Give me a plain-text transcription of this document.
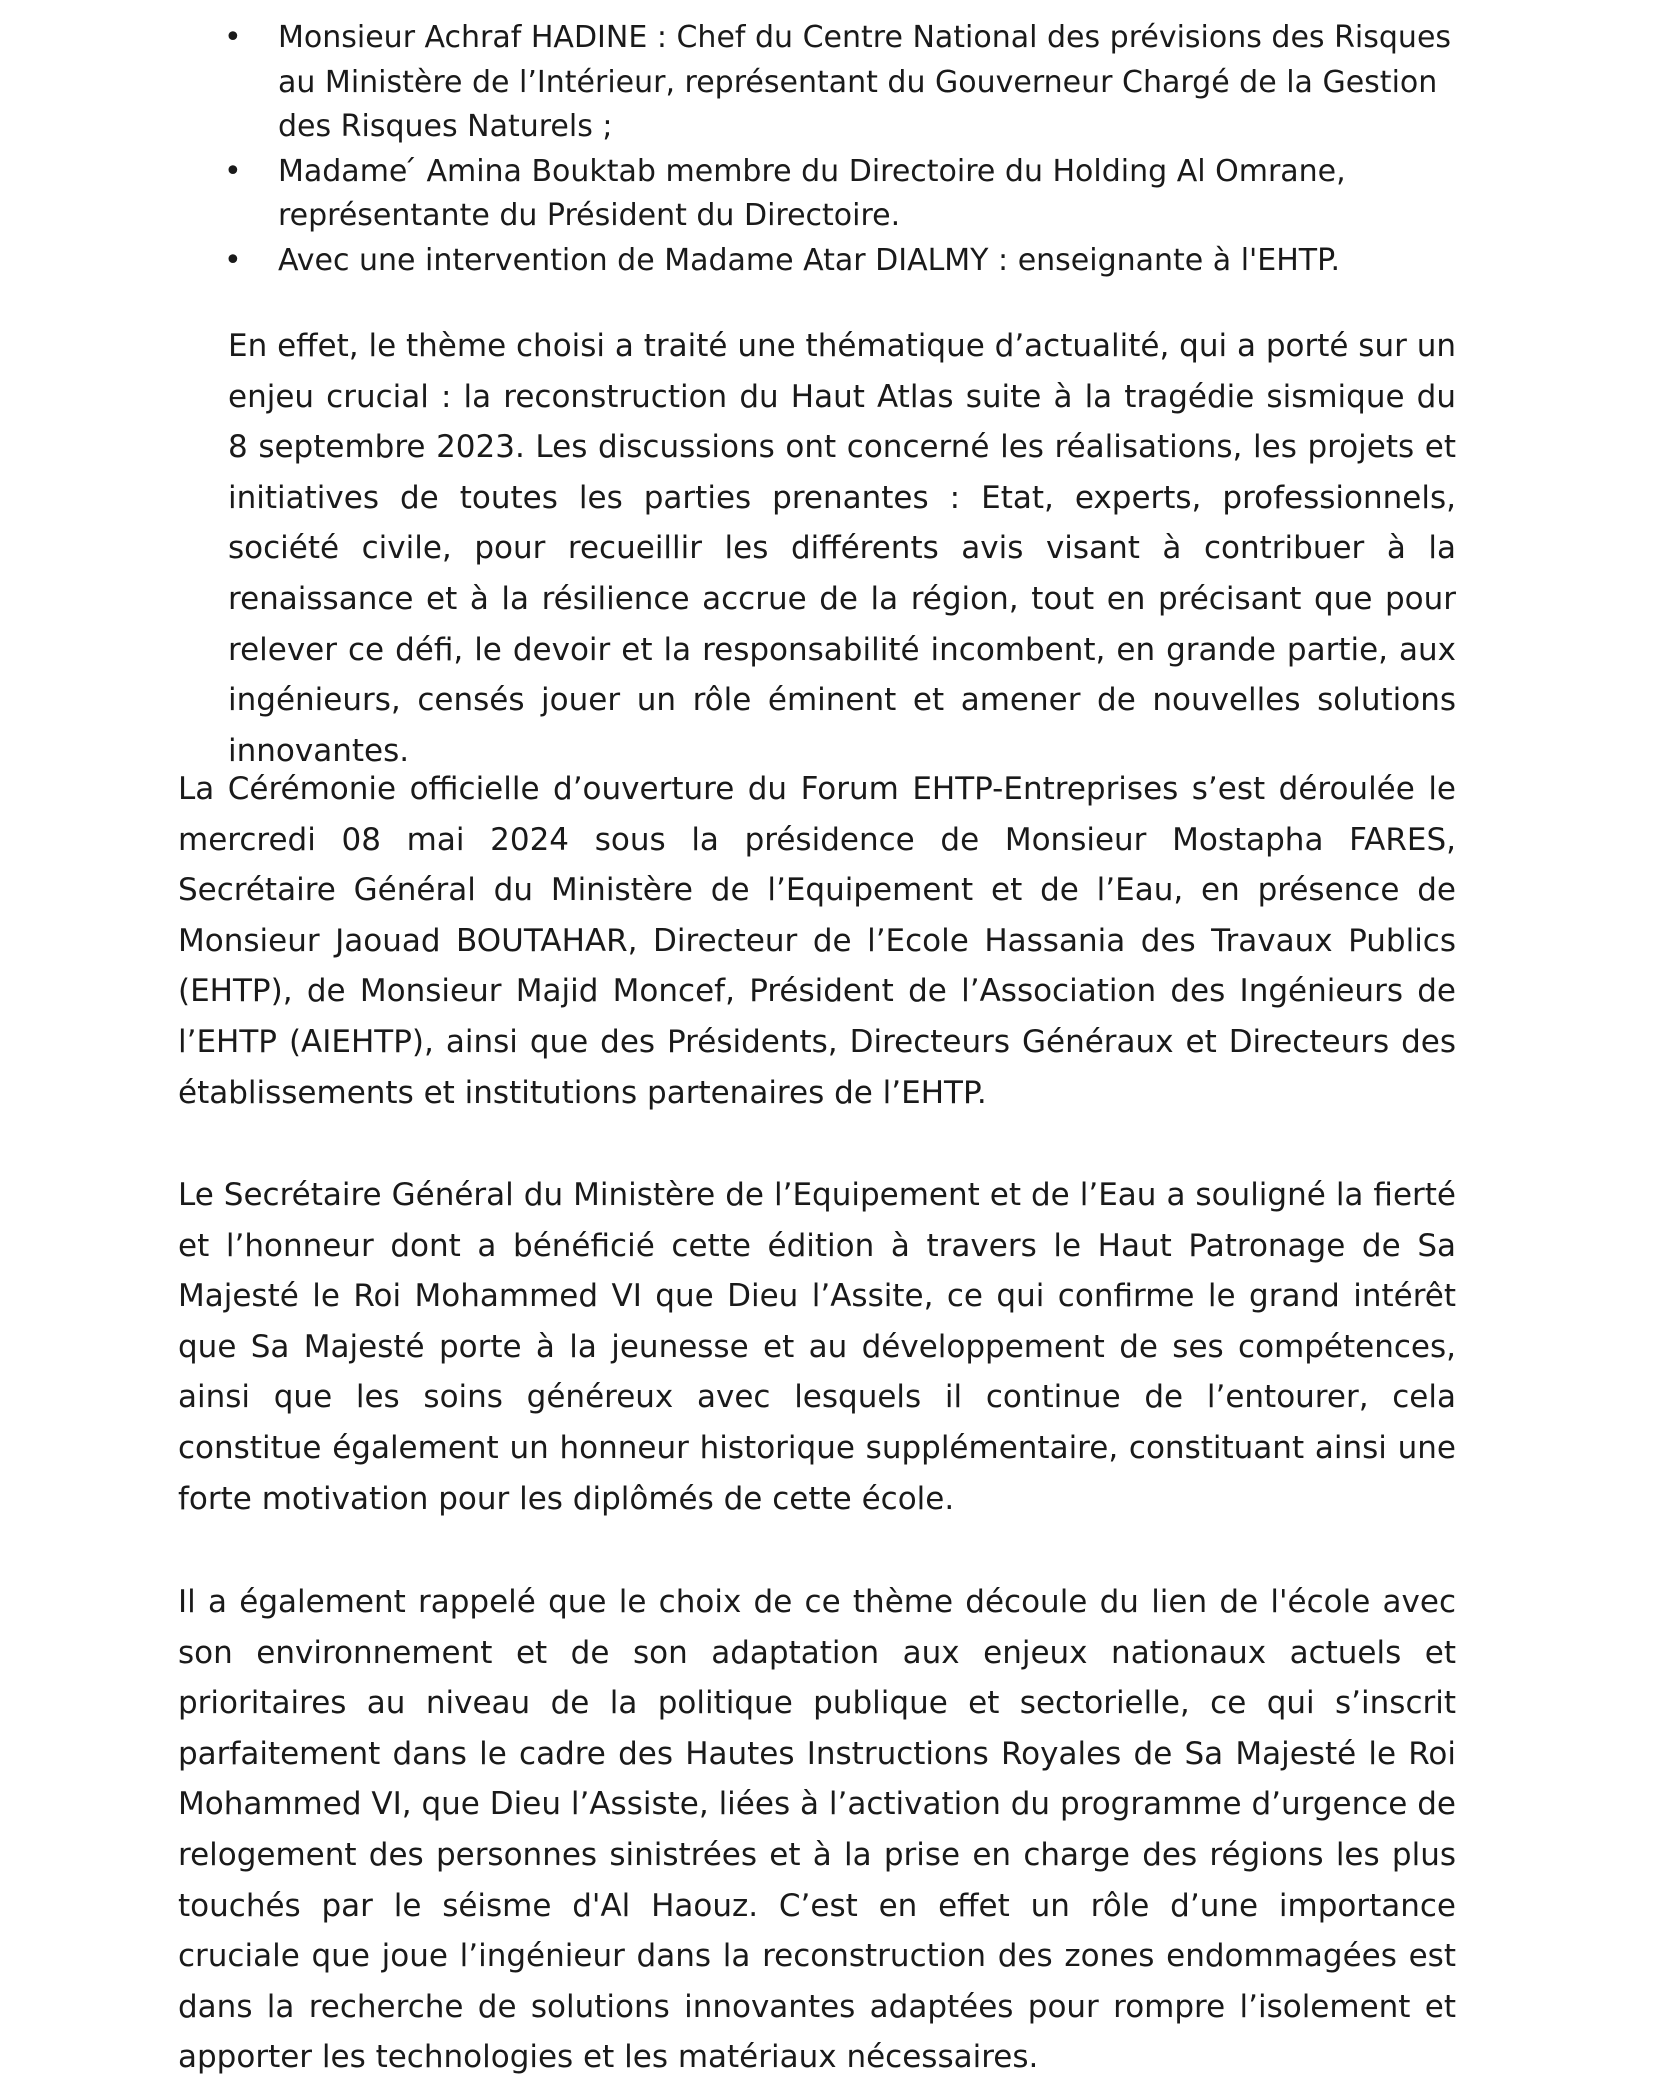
• Monsieur Achraf HADINE : Chef du Centre National des prévisions des Risques au Ministère de l’Intérieur, représentant du Gouverneur Chargé de la Gestion des Risques Naturels ;
• Madame ́ Amina Bouktab membre du Directoire du Holding Al Omrane, représentante du Président du Directoire.
• Avec une intervention de Madame Atar DIALMY : enseignante à l'EHTP.

En effet, le thème choisi a traité une thématique d’actualité, qui a porté sur un enjeu crucial : la reconstruction du Haut Atlas suite à la tragédie sismique du 8 septembre 2023. Les discussions ont concerné les réalisations, les projets et initiatives de toutes les parties prenantes : Etat, experts, professionnels, société civile, pour recueillir les différents avis visant à contribuer à la renaissance et à la résilience accrue de la région, tout en précisant que pour relever ce défi, le devoir et la responsabilité incombent, en grande partie, aux ingénieurs, censés jouer un rôle éminent et amener de nouvelles solutions innovantes.

La Cérémonie officielle d’ouverture du Forum EHTP-Entreprises s’est déroulée le mercredi 08 mai 2024 sous la présidence de Monsieur Mostapha FARES, Secrétaire Général du Ministère de l’Equipement et de l’Eau, en présence de Monsieur Jaouad BOUTAHAR, Directeur de l’Ecole Hassania des Travaux Publics (EHTP), de Monsieur Majid Moncef, Président de l’Association des Ingénieurs de l’EHTP (AIEHTP), ainsi que des Présidents, Directeurs Généraux et Directeurs des établissements et institutions partenaires de l’EHTP.

Le Secrétaire Général du Ministère de l’Equipement et de l’Eau a souligné la fierté et l’honneur dont a bénéficié cette édition à travers le Haut Patronage de Sa Majesté le Roi Mohammed VI que Dieu l’Assite, ce qui confirme le grand intérêt que Sa Majesté porte à la jeunesse et au développement de ses compétences, ainsi que les soins généreux avec lesquels il continue de l’entourer, cela constitue également un honneur historique supplémentaire, constituant ainsi une forte motivation pour les diplômés de cette école.

Il a également rappelé que le choix de ce thème découle du lien de l'école avec son environnement et de son adaptation aux enjeux nationaux actuels et prioritaires au niveau de la politique publique et sectorielle, ce qui s’inscrit parfaitement dans le cadre des Hautes Instructions Royales de Sa Majesté le Roi Mohammed VI, que Dieu l’Assiste, liées à l’activation du programme d’urgence de relogement des personnes sinistrées et à la prise en charge des régions les plus touchés par le séisme d'Al Haouz. C’est en effet un rôle d’une importance cruciale que joue l’ingénieur dans la reconstruction des zones endommagées est dans la recherche de solutions innovantes adaptées pour rompre l’isolement et apporter les technologies et les matériaux nécessaires.
